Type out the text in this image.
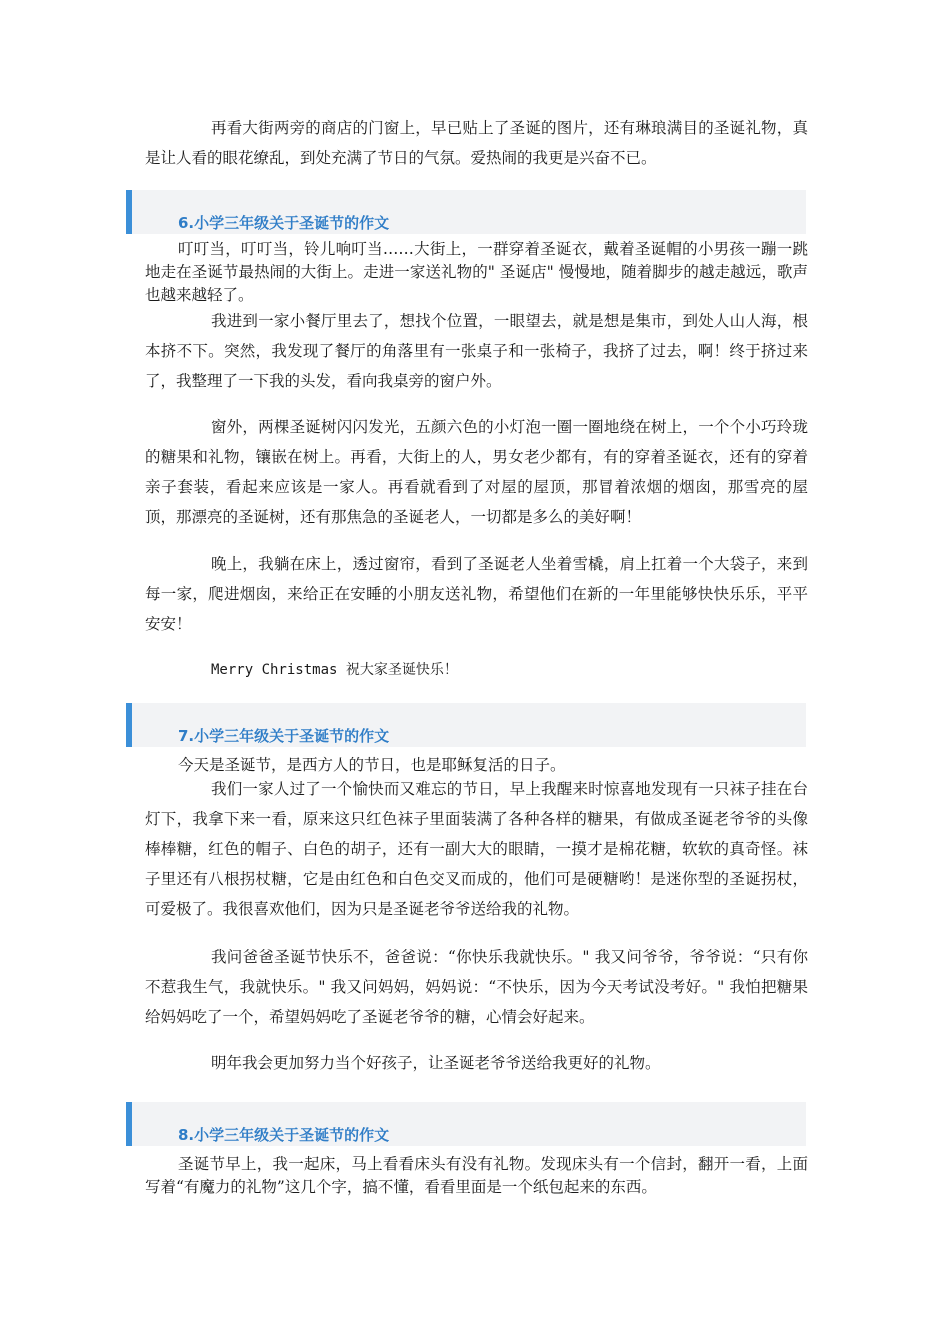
再看大街两旁的商店的门窗上，早已贴上了圣诞的图片，还有琳琅满目的圣诞礼物，真是让人看的眼花缭乱，到处充满了节日的气氛。爱热闹的我更是兴奋不已。

6.小学三年级关于圣诞节的作文

叮叮当，叮叮当，铃儿响叮当……大街上，一群穿着圣诞衣，戴着圣诞帽的小男孩一蹦一跳地走在圣诞节最热闹的大街上。走进一家送礼物的" 圣诞店" 慢慢地，随着脚步的越走越远，歌声也越来越轻了。

我进到一家小餐厅里去了，想找个位置，一眼望去，就是想是集市，到处人山人海，根本挤不下。突然，我发现了餐厅的角落里有一张桌子和一张椅子，我挤了过去，啊！终于挤过来了，我整理了一下我的头发，看向我桌旁的窗户外。

窗外，两棵圣诞树闪闪发光，五颜六色的小灯泡一圈一圈地绕在树上，一个个小巧玲珑的糖果和礼物，镶嵌在树上。再看，大街上的人，男女老少都有，有的穿着圣诞衣，还有的穿着亲子套装，看起来应该是一家人。再看就看到了对屋的屋顶，那冒着浓烟的烟囱，那雪亮的屋顶，那漂亮的圣诞树，还有那焦急的圣诞老人，一切都是多么的美好啊！

晚上，我躺在床上，透过窗帘，看到了圣诞老人坐着雪橇，肩上扛着一个大袋子，来到每一家，爬进烟囱，来给正在安睡的小朋友送礼物，希望他们在新的一年里能够快快乐乐，平平安安！

Merry Christmas 祝大家圣诞快乐！

7.小学三年级关于圣诞节的作文

今天是圣诞节，是西方人的节日，也是耶稣复活的日子。

我们一家人过了一个愉快而又难忘的节日，早上我醒来时惊喜地发现有一只袜子挂在台灯下，我拿下来一看，原来这只红色袜子里面装满了各种各样的糖果，有做成圣诞老爷爷的头像棒棒糖，红色的帽子、白色的胡子，还有一副大大的眼睛，一摸才是棉花糖，软软的真奇怪。袜子里还有八根拐杖糖，它是由红色和白色交叉而成的，他们可是硬糖哟！是迷你型的圣诞拐杖，可爱极了。我很喜欢他们，因为只是圣诞老爷爷送给我的礼物。

我问爸爸圣诞节快乐不，爸爸说：“你快乐我就快乐。" 我又问爷爷，爷爷说：“只有你不惹我生气，我就快乐。" 我又问妈妈，妈妈说：“不快乐，因为今天考试没考好。" 我怕把糖果给妈妈吃了一个，希望妈妈吃了圣诞老爷爷的糖，心情会好起来。

明年我会更加努力当个好孩子，让圣诞老爷爷送给我更好的礼物。

8.小学三年级关于圣诞节的作文

圣诞节早上，我一起床，马上看看床头有没有礼物。发现床头有一个信封，翻开一看，上面写着“有魔力的礼物”这几个字，搞不懂，看看里面是一个纸包起来的东西。
